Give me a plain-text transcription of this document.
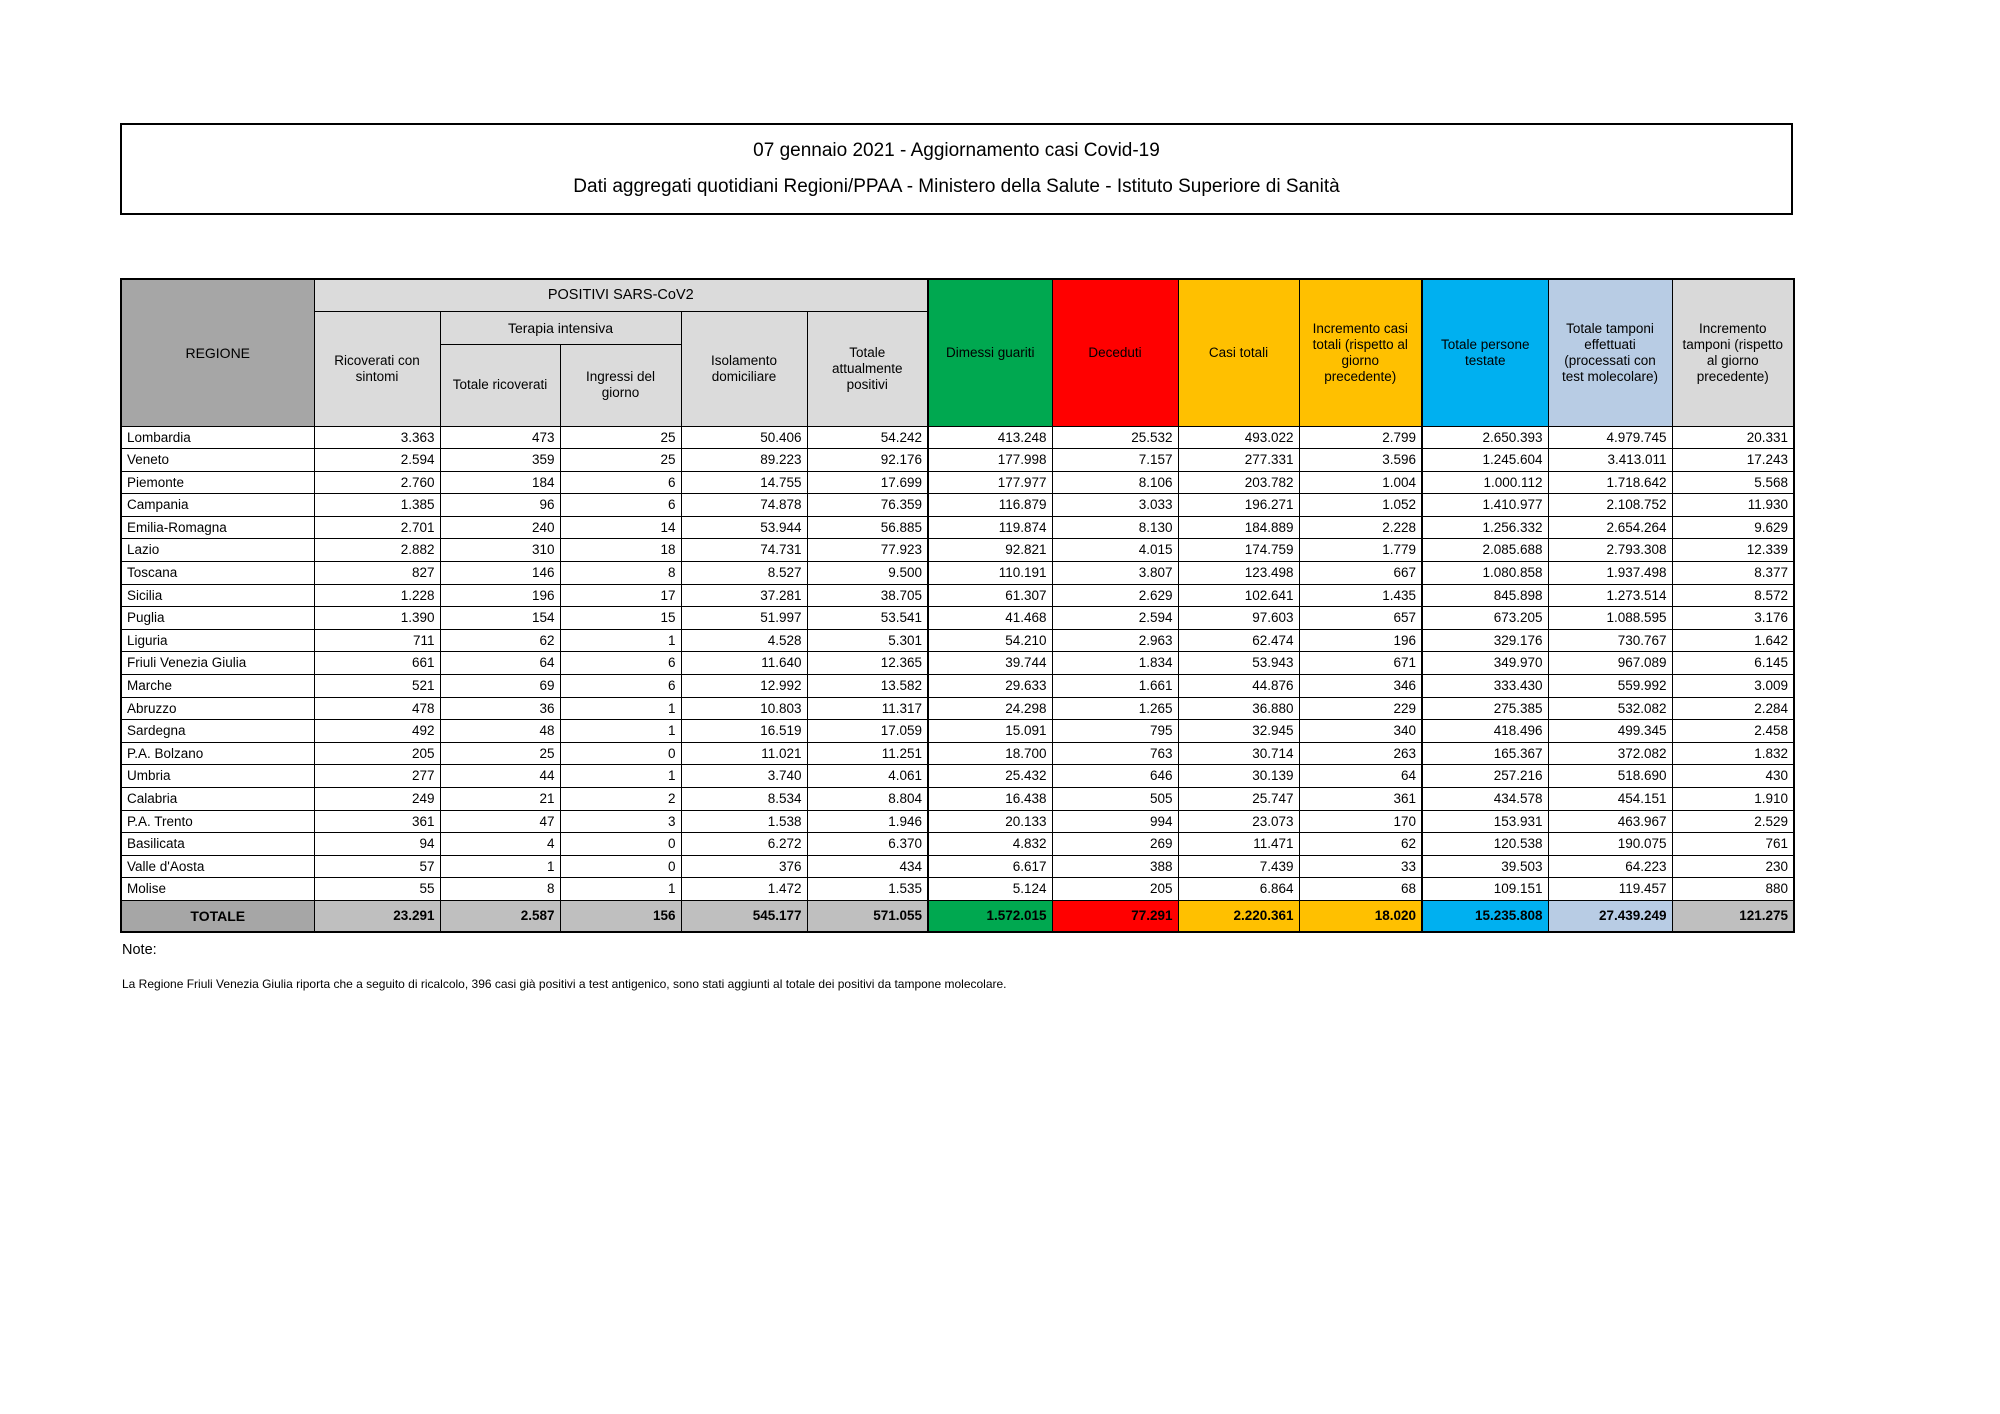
07 gennaio 2021 - Aggiornamento casi Covid-19
Dati aggregati quotidiani Regioni/PPAA - Ministero della Salute - Istituto Superiore di Sanità
REGIONE	POSITIVI SARS-CoV2					Dimessi guariti	Deceduti	Casi totali	Incremento casi totali (rispetto al giorno precedente)	Totale persone testate	Totale tamponi effettuati (processati con test molecolare)	Incremento tamponi (rispetto al giorno precedente)
	Ricoverati con sintomi	Terapia intensiva		Isolamento domiciliare	Totale attualmente positivi							
		Totale ricoverati	Ingressi del giorno									
Lombardia	3.363	473	25	50.406	54.242	413.248	25.532	493.022	2.799	2.650.393	4.979.745	20.331
Veneto	2.594	359	25	89.223	92.176	177.998	7.157	277.331	3.596	1.245.604	3.413.011	17.243
Piemonte	2.760	184	6	14.755	17.699	177.977	8.106	203.782	1.004	1.000.112	1.718.642	5.568
Campania	1.385	96	6	74.878	76.359	116.879	3.033	196.271	1.052	1.410.977	2.108.752	11.930
Emilia-Romagna	2.701	240	14	53.944	56.885	119.874	8.130	184.889	2.228	1.256.332	2.654.264	9.629
Lazio	2.882	310	18	74.731	77.923	92.821	4.015	174.759	1.779	2.085.688	2.793.308	12.339
Toscana	827	146	8	8.527	9.500	110.191	3.807	123.498	667	1.080.858	1.937.498	8.377
Sicilia	1.228	196	17	37.281	38.705	61.307	2.629	102.641	1.435	845.898	1.273.514	8.572
Puglia	1.390	154	15	51.997	53.541	41.468	2.594	97.603	657	673.205	1.088.595	3.176
Liguria	711	62	1	4.528	5.301	54.210	2.963	62.474	196	329.176	730.767	1.642
Friuli Venezia Giulia	661	64	6	11.640	12.365	39.744	1.834	53.943	671	349.970	967.089	6.145
Marche	521	69	6	12.992	13.582	29.633	1.661	44.876	346	333.430	559.992	3.009
Abruzzo	478	36	1	10.803	11.317	24.298	1.265	36.880	229	275.385	532.082	2.284
Sardegna	492	48	1	16.519	17.059	15.091	795	32.945	340	418.496	499.345	2.458
P.A. Bolzano	205	25	0	11.021	11.251	18.700	763	30.714	263	165.367	372.082	1.832
Umbria	277	44	1	3.740	4.061	25.432	646	30.139	64	257.216	518.690	430
Calabria	249	21	2	8.534	8.804	16.438	505	25.747	361	434.578	454.151	1.910
P.A. Trento	361	47	3	1.538	1.946	20.133	994	23.073	170	153.931	463.967	2.529
Basilicata	94	4	0	6.272	6.370	4.832	269	11.471	62	120.538	190.075	761
Valle d'Aosta	57	1	0	376	434	6.617	388	7.439	33	39.503	64.223	230
Molise	55	8	1	1.472	1.535	5.124	205	6.864	68	109.151	119.457	880
TOTALE	23.291	2.587	156	545.177	571.055	1.572.015	77.291	2.220.361	18.020	15.235.808	27.439.249	121.275
Note:
La Regione Friuli Venezia Giulia riporta che a seguito di ricalcolo, 396 casi già positivi a test antigenico, sono stati aggiunti al totale dei positivi da tampone molecolare.
